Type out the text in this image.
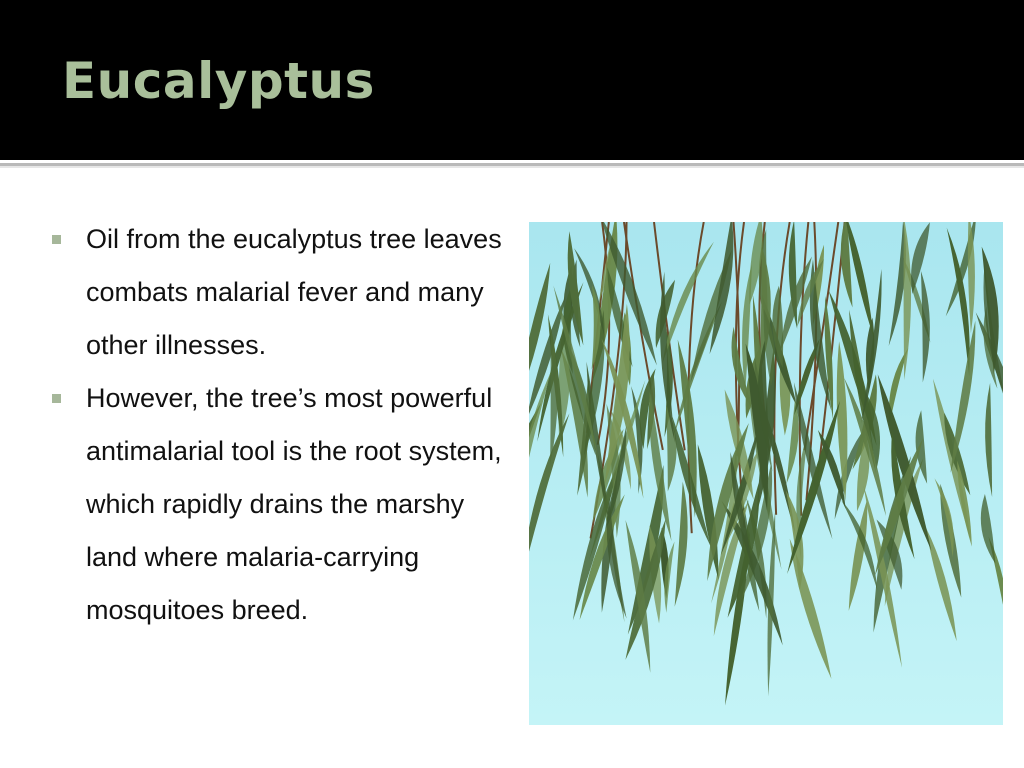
Eucalyptus
Oil from the eucalyptus tree leaves combats malarial fever and many other illnesses.
However, the tree’s most powerful antimalarial tool is the root system, which rapidly drains the marshy land where malaria-carrying mosquitoes breed.
